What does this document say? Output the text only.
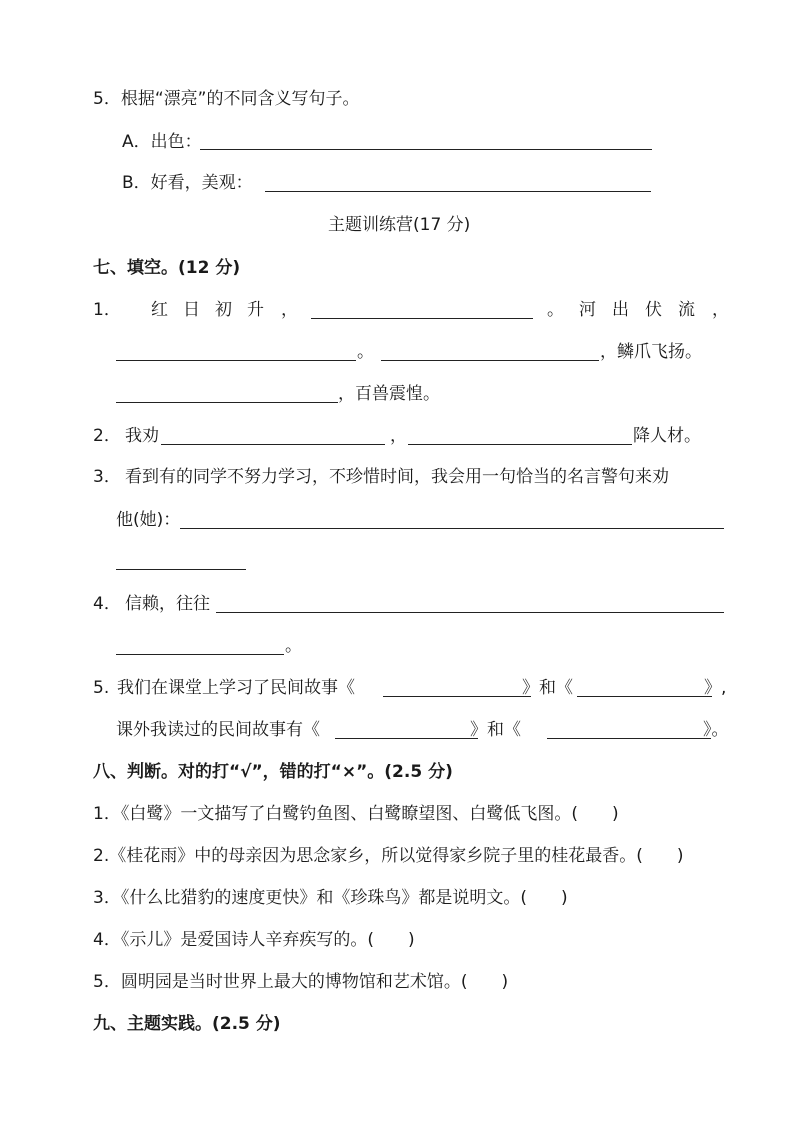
5．根据“漂亮”的不同含义写句子。
A．出色：
B．好看，美观：
主题训练营(17 分)
七、填空。(12 分)
1． 红 日 初 升 ，	。 河 出 伏 流 ，
。	，鳞爪飞扬。
，百兽震惶。
2． 我劝	，	降人材。
3． 看到有的同学不努力学习，不珍惜时间，我会用一句恰当的名言警句来劝
他(她)：
4． 信赖，往往
。
5. 我们在课堂上学习了民间故事《	》和《	》,
课外我读过的民间故事有《	》和《	》。
八、判断。对的打“√”，错的打“×”。(2.5 分)
1．《白鹭》一文描写了白鹭钓鱼图、白鹭瞭望图、白鹭低飞图。(　　)
2.《桂花雨》中的母亲因为思念家乡，所以觉得家乡院子里的桂花最香。(　　)
3．《什么比猎豹的速度更快》和《珍珠鸟》都是说明文。(　　)
4．《示儿》是爱国诗人辛弃疾写的。(　　)
5．圆明园是当时世界上最大的博物馆和艺术馆。(　　)
九、主题实践。(2.5 分)
